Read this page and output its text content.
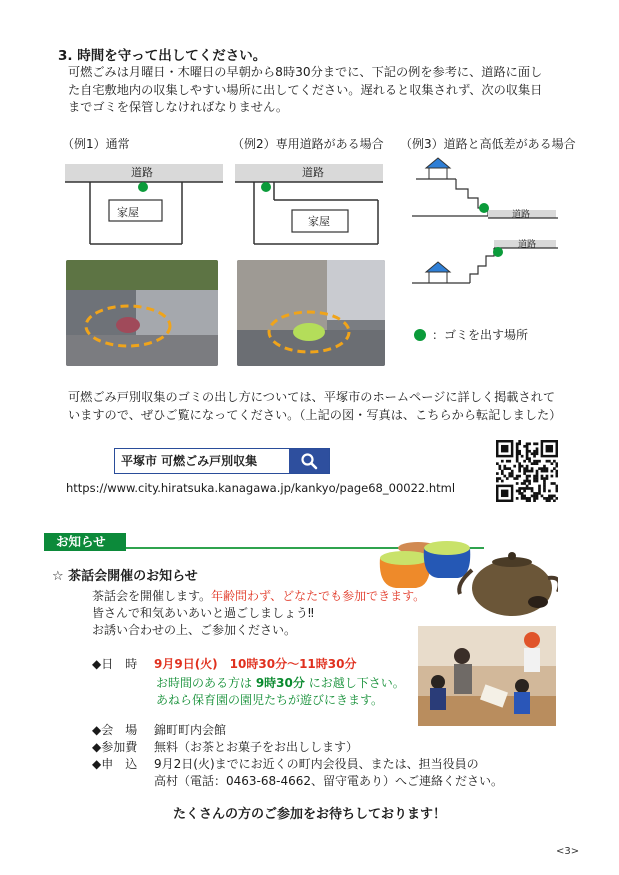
3. 時間を守って出してください。
可燃ごみは月曜日・木曜日の早朝から8時30分までに、下記の例を参考に、道路に面し
た自宅敷地内の収集しやすい場所に出してください。遅れると収集されず、次の収集日
までゴミを保管しなければなりません。
（例1）通常	（例2）専用道路がある場合 （例3）道路と高低差がある場合
道路
家屋
道路
家屋	道路
道路
：ゴミを出す場所
可燃ごみ戸別収集のゴミの出し方については、平塚市のホームページに詳しく掲載されて
いますので、ぜひご覧になってください。（上記の図・写真は、こちらから転記しました）
平塚市 可燃ごみ戸別収集
https://www.city.hiratsuka.kanagawa.jp/kankyo/page68_00022.html
お知らせ
☆ 茶話会開催のお知らせ
茶話会を開催します。年齢問わず、どなたでも参加できます。
皆さんで和気あいあいと過ごしましょう‼
お誘い合わせの上、ご参加ください。
◆日　時	9月9日(火)　10時30分～11時30分
お時間のある方は 9時30分 にお越し下さい。
あねら保育園の園児たちが遊びにきます。
◆会　場	錦町町内会館
◆参加費	無料（お茶とお菓子をお出しします）
◆申　込	9月2日(火)までにお近くの町内会役員、または、担当役員の
高村（電話：0463-68-4662、留守電あり）へご連絡ください。
たくさんの方のご参加をお待ちしております！
<3>
